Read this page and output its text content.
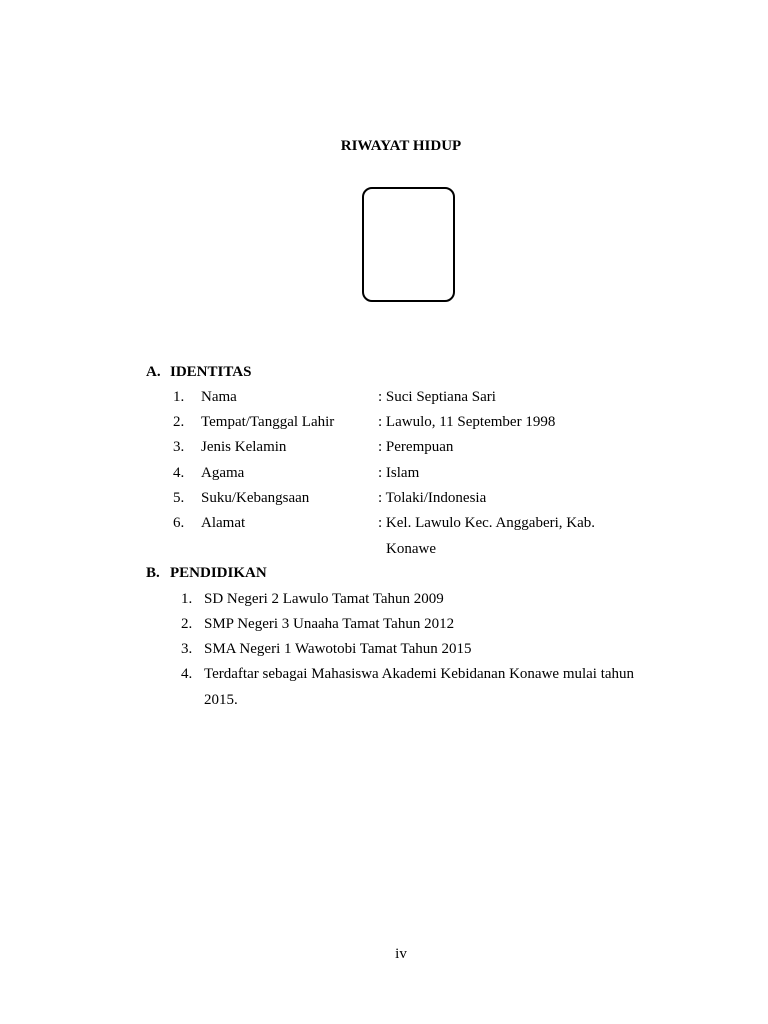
RIWAYAT HIDUP
A. IDENTITAS
1. Nama	: Suci Septiana Sari
2. Tempat/Tanggal Lahir	: Lawulo, 11 September 1998
3. Jenis Kelamin	: Perempuan
4. Agama	: Islam
5. Suku/Kebangsaan	: Tolaki/Indonesia
6. Alamat	: Kel. Lawulo Kec. Anggaberi, Kab.
Konawe
B. PENDIDIKAN
1. SD Negeri 2 Lawulo Tamat Tahun 2009
2. SMP Negeri 3 Unaaha Tamat Tahun 2012
3. SMA Negeri 1 Wawotobi Tamat Tahun 2015
4. Terdaftar sebagai Mahasiswa Akademi Kebidanan Konawe mulai tahun
2015.
iv
